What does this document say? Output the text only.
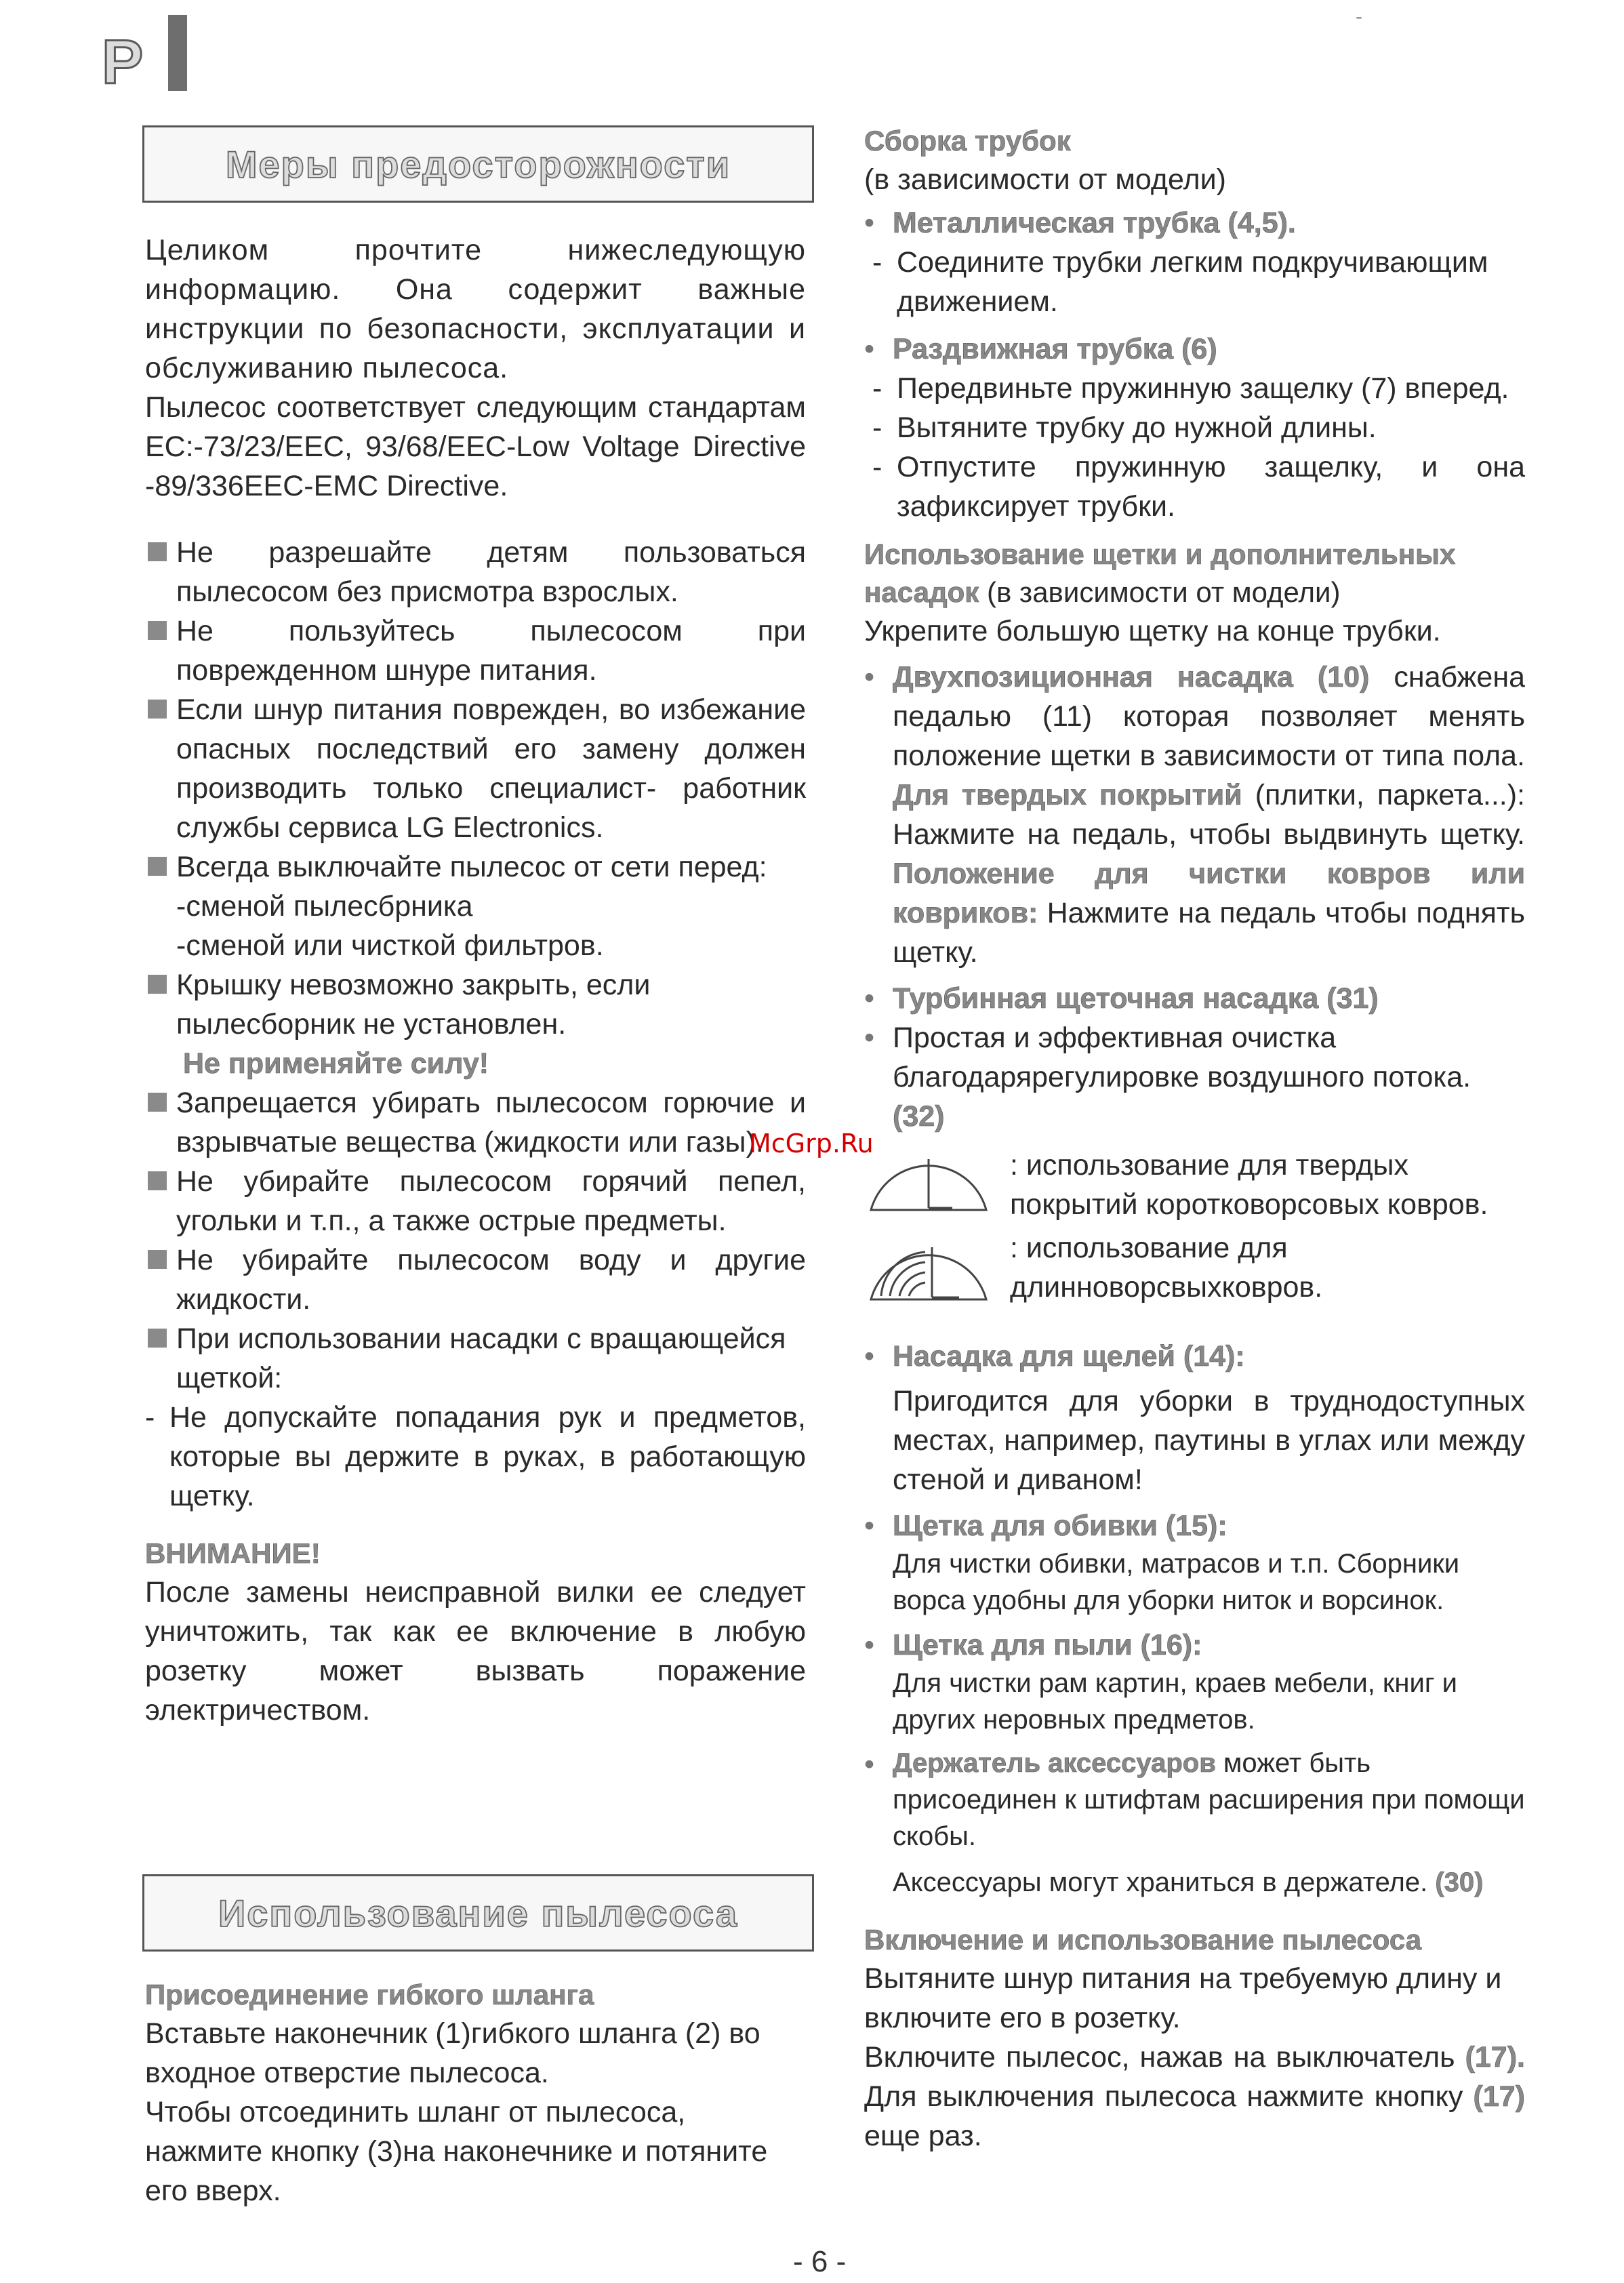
P
-
Меры предосторожности

Целиком прочтите нижеследующую информацию. Она содержит важные инструкции по безопасности, эксплуатации и обслуживанию пылесоса.

Пылесос соответствует следующим стандартам EC:-73/23/EEC, 93/68/EEC-Low Voltage Directive -89/336EEC-EMC Directive.

Не разрешайте детям пользоваться пылесосом без присмотра взрослых.
Не пользуйтесь пылесосом при поврежденном шнуре питания.
Если шнур питания поврежден, во избежание опасных последствий его замену должен производить только специалист- работник службы сервиса LG Electronics.
Всегда выключайте пылесос от сети перед:

-сменой пылесбрника

-сменой или чисткой фильтров.

Крышку невозможно закрыть, если пылесборник не установлен.

Не применяйте силу!

Запрещается убирать пылесосом горючие и взрывчатые вещества (жидкости или газы).
Не убирайте пылесосом горячий пепел, угольки и т.п., а также острые предметы.
Не убирайте пылесосом воду и другие жидкости.
При использовании насадки с вращающейся щеткой:
- Не допускайте попадания рук и предметов, которые вы держите в руках, в работающую щетку.

ВНИМАНИЕ!

После замены неисправной вилки ее следует уничтожить, так как ее включение в любую розетку может вызвать поражение электричеством.

Использование пылесоса

Присоединение гибкого шланга

Вставьте наконечник (1)гибкого шланга (2) во входное отверстие пылесоса.

Чтобы отсоединить шланг от пылесоса, нажмите кнопку (3)на наконечнике и потяните его вверх.

Сборка трубок

(в зависимости от модели)

• Металлическая трубка (4,5).
- Соедините трубки легким подкручивающим движением.
• Раздвижная трубка (6)
- Передвиньте пружинную защелку (7) вперед.
- Вытяните трубку до нужной длины.
- Отпустите пружинную защелку, и она зафиксирует трубки.

Использование щетки и дополнительных насадок (в зависимости от модели)

Укрепите большую щетку на конце трубки.

• Двухпозиционная насадка (10) снабжена педалью (11) которая позволяет менять положение щетки в зависимости от типа пола. Для твердых покрытий (плитки, паркета...): Нажмите на педаль, чтобы выдвинуть щетку. Положение для чистки ковров или ковриков: Нажмите на педаль чтобы поднять щетку.
• Турбинная щеточная насадка (31)
• Простая и эффективная очистка благодарярегулировке воздушного потока. (32)

: использование для твердых покрытий коротковорсовых ковров.

: использование для длинноворсвыхковров.

• Насадка для щелей (14):

Пригодится для уборки в труднодоступных местах, например, паутины в углах или между стеной и диваном!

• Щетка для обивки (15):

Для чистки обивки, матрасов и т.п. Сборники ворса удобны для уборки ниток и ворсинок.

• Щетка для пыли (16):

Для чистки рам картин, краев мебели, книг и других неровных предметов.

• Держатель аксессуаров может быть присоединен к штифтам расширения при помощи скобы.

Аксессуары могут храниться в держателе. (30)

Включение и использование пылесоса

Вытяните шнур питания на требуемую длину и включите его в розетку.

Включите пылесос, нажав на выключатель (17). Для выключения пылесоса нажмите кнопку (17) еще раз.

McGrp.Ru
- 6 -
